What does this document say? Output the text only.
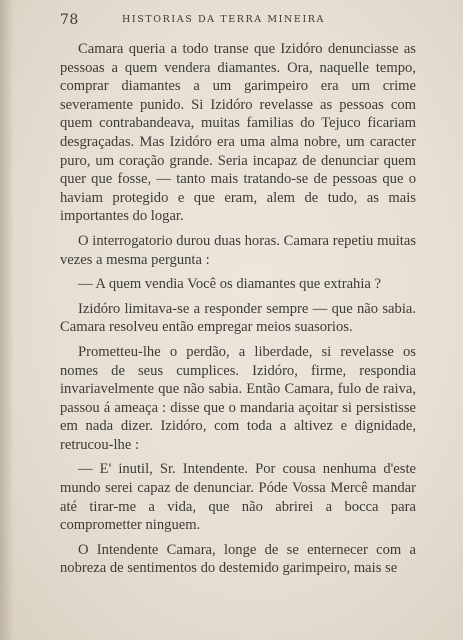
78	HISTORIAS DA TERRA MINEIRA

Camara queria a todo transe que Izidóro denunciasse as pessoas a quem vendera diamantes. Ora, naquelle tempo, comprar diamantes a um garimpeiro era um crime severamente punido. Si Izidóro revelasse as pessoas com quem contrabandeava, muitas familias do Tejuco ficariam desgraçadas. Mas Izidóro era uma alma nobre, um caracter puro, um coração grande. Seria incapaz de denunciar quem quer que fosse, — tanto mais tratando-se de pessoas que o haviam protegido e que eram, alem de tudo, as mais importantes do logar.

O interrogatorio durou duas horas. Camara repetiu muitas vezes a mesma pergunta :

— A quem vendia Você os diamantes que extrahia ?

Izidóro limitava-se a responder sempre — que não sabia. Camara resolveu então empregar meios suasorios.

Prometteu-lhe o perdão, a liberdade, si revelasse os nomes de seus cumplices. Izidóro, firme, respondia invariavelmente que não sabia. Então Camara, fulo de raiva, passou á ameaça : disse que o mandaria açoitar si persistisse em nada dizer. Izidóro, com toda a altivez e dignidade, retrucou-lhe :

— E' inutil, Sr. Intendente. Por cousa nenhuma d'este mundo serei capaz de denunciar. Póde Vossa Mercê mandar até tirar-me a vida, que não abrirei a bocca para comprometter ninguem.

O Intendente Camara, longe de se enternecer com a nobreza de sentimentos do destemido garimpeiro, mais se
